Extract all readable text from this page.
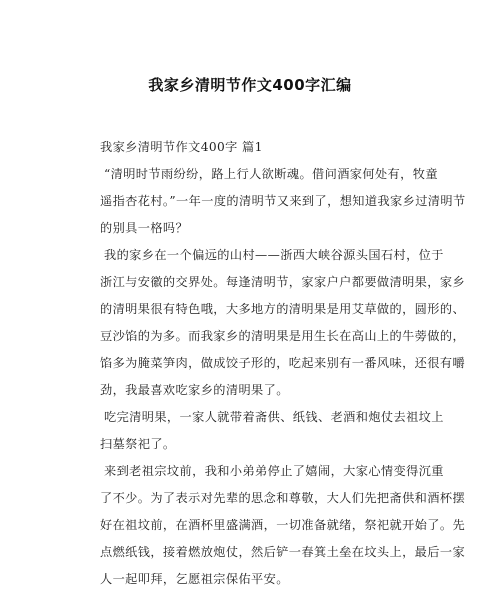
我家乡清明节作文400字汇编
我家乡清明节作文400字 篇1
“清明时节雨纷纷，路上行人欲断魂。借问酒家何处有，牧童
遥指杏花村。”一年一度的清明节又来到了，想知道我家乡过清明节
的别具一格吗？
我的家乡在一个偏远的山村——浙西大峡谷源头国石村，位于
浙江与安徽的交界处。每逢清明节，家家户户都要做清明果，家乡
的清明果很有特色哦，大多地方的清明果是用艾草做的，圆形的、
豆沙馅的为多。而我家乡的清明果是用生长在高山上的牛蒡做的，
馅多为腌菜笋肉，做成饺子形的，吃起来别有一番风味，还很有嚼
劲，我最喜欢吃家乡的清明果了。
吃完清明果，一家人就带着斋供、纸钱、老酒和炮仗去祖坟上
扫墓祭祀了。
来到老祖宗坟前，我和小弟弟停止了嬉闹，大家心情变得沉重
了不少。为了表示对先辈的思念和尊敬，大人们先把斋供和酒杯摆
好在祖坟前，在酒杯里盛满酒，一切准备就绪，祭祀就开始了。先
点燃纸钱，接着燃放炮仗，然后铲一春箕土垒在坟头上，最后一家
人一起叩拜，乞愿祖宗保佑平安。
